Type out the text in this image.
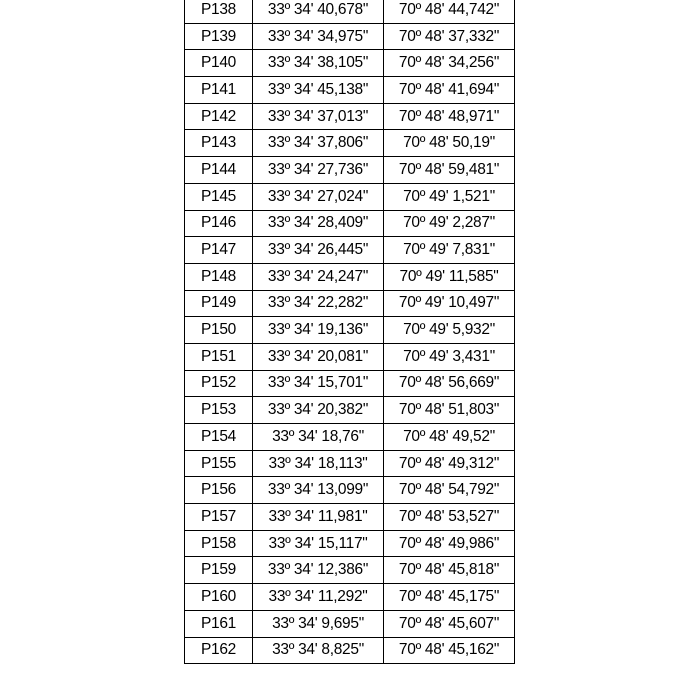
P138	33º 34' 40,678"	70º 48' 44,742"
P139	33º 34' 34,975"	70º 48' 37,332"
P140	33º 34' 38,105"	70º 48' 34,256"
P141	33º 34' 45,138"	70º 48' 41,694"
P142	33º 34' 37,013"	70º 48' 48,971"
P143	33º 34' 37,806"	70º 48' 50,19"
P144	33º 34' 27,736"	70º 48' 59,481"
P145	33º 34' 27,024"	70º 49' 1,521"
P146	33º 34' 28,409"	70º 49' 2,287"
P147	33º 34' 26,445"	70º 49' 7,831"
P148	33º 34' 24,247"	70º 49' 11,585"
P149	33º 34' 22,282"	70º 49' 10,497"
P150	33º 34' 19,136"	70º 49' 5,932"
P151	33º 34' 20,081"	70º 49' 3,431"
P152	33º 34' 15,701"	70º 48' 56,669"
P153	33º 34' 20,382"	70º 48' 51,803"
P154	33º 34' 18,76"	70º 48' 49,52"
P155	33º 34' 18,113"	70º 48' 49,312"
P156	33º 34' 13,099"	70º 48' 54,792"
P157	33º 34' 11,981"	70º 48' 53,527"
P158	33º 34' 15,117"	70º 48' 49,986"
P159	33º 34' 12,386"	70º 48' 45,818"
P160	33º 34' 11,292"	70º 48' 45,175"
P161	33º 34' 9,695"	70º 48' 45,607"
P162	33º 34' 8,825"	70º 48' 45,162"
